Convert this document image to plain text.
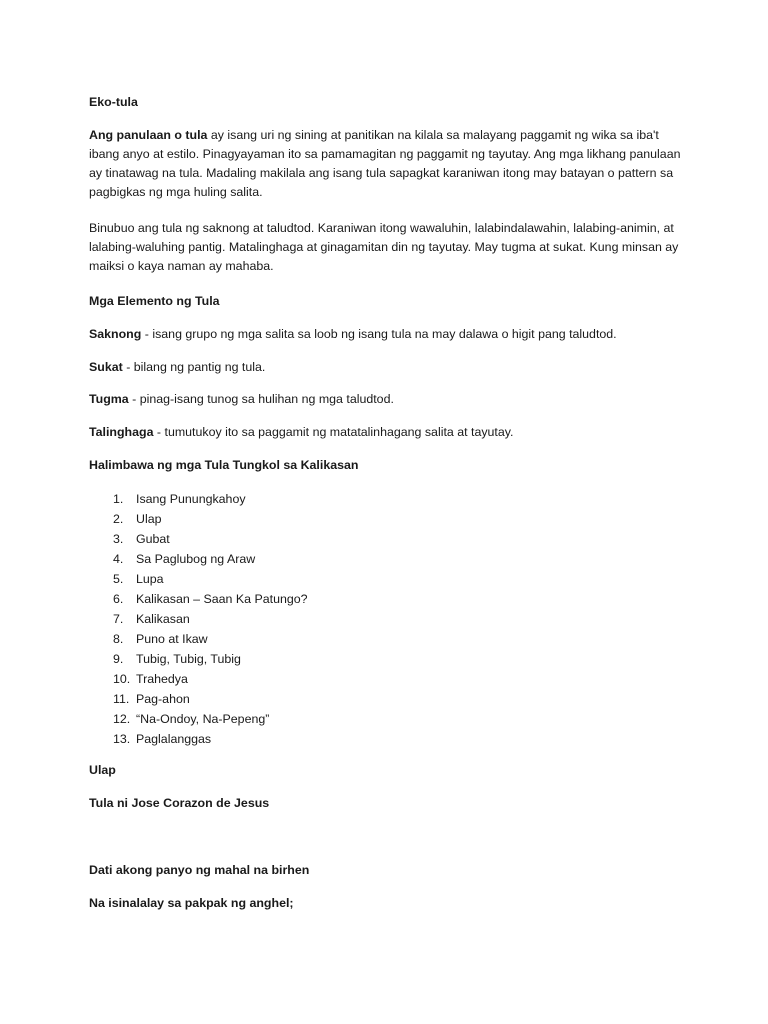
Eko-tula

Ang panulaan o tula ay isang uri ng sining at panitikan na kilala sa malayang paggamit ng wika sa iba't ibang anyo at estilo. Pinagyayaman ito sa pamamagitan ng paggamit ng tayutay. Ang mga likhang panulaan ay tinatawag na tula. Madaling makilala ang isang tula sapagkat karaniwan itong may batayan o pattern sa pagbigkas ng mga huling salita.

Binubuo ang tula ng saknong at taludtod. Karaniwan itong wawaluhin, lalabindalawahin, lalabing-animin, at lalabing-waluhing pantig. Matalinghaga at ginagamitan din ng tayutay. May tugma at sukat. Kung minsan ay maiksi o kaya naman ay mahaba.

Mga Elemento ng Tula

Saknong - isang grupo ng mga salita sa loob ng isang tula na may dalawa o higit pang taludtod.

Sukat - bilang ng pantig ng tula.

Tugma - pinag-isang tunog sa hulihan ng mga taludtod.

Talinghaga - tumutukoy ito sa paggamit ng matatalinhagang salita at tayutay.

Halimbawa ng mga Tula Tungkol sa Kalikasan

1.	Isang Punungkahoy
2.	Ulap
3.	Gubat
4.	Sa Paglubog ng Araw
5.	Lupa
6.	Kalikasan – Saan Ka Patungo?
7.	Kalikasan
8.	Puno at Ikaw
9.	Tubig, Tubig, Tubig
10. Trahedya
11. Pag-ahon
12. “Na-Ondoy, Na-Pepeng”
13. Paglalanggas

Ulap

Tula ni Jose Corazon de Jesus

Dati akong panyo ng mahal na birhen

Na isinalalay sa pakpak ng anghel;
